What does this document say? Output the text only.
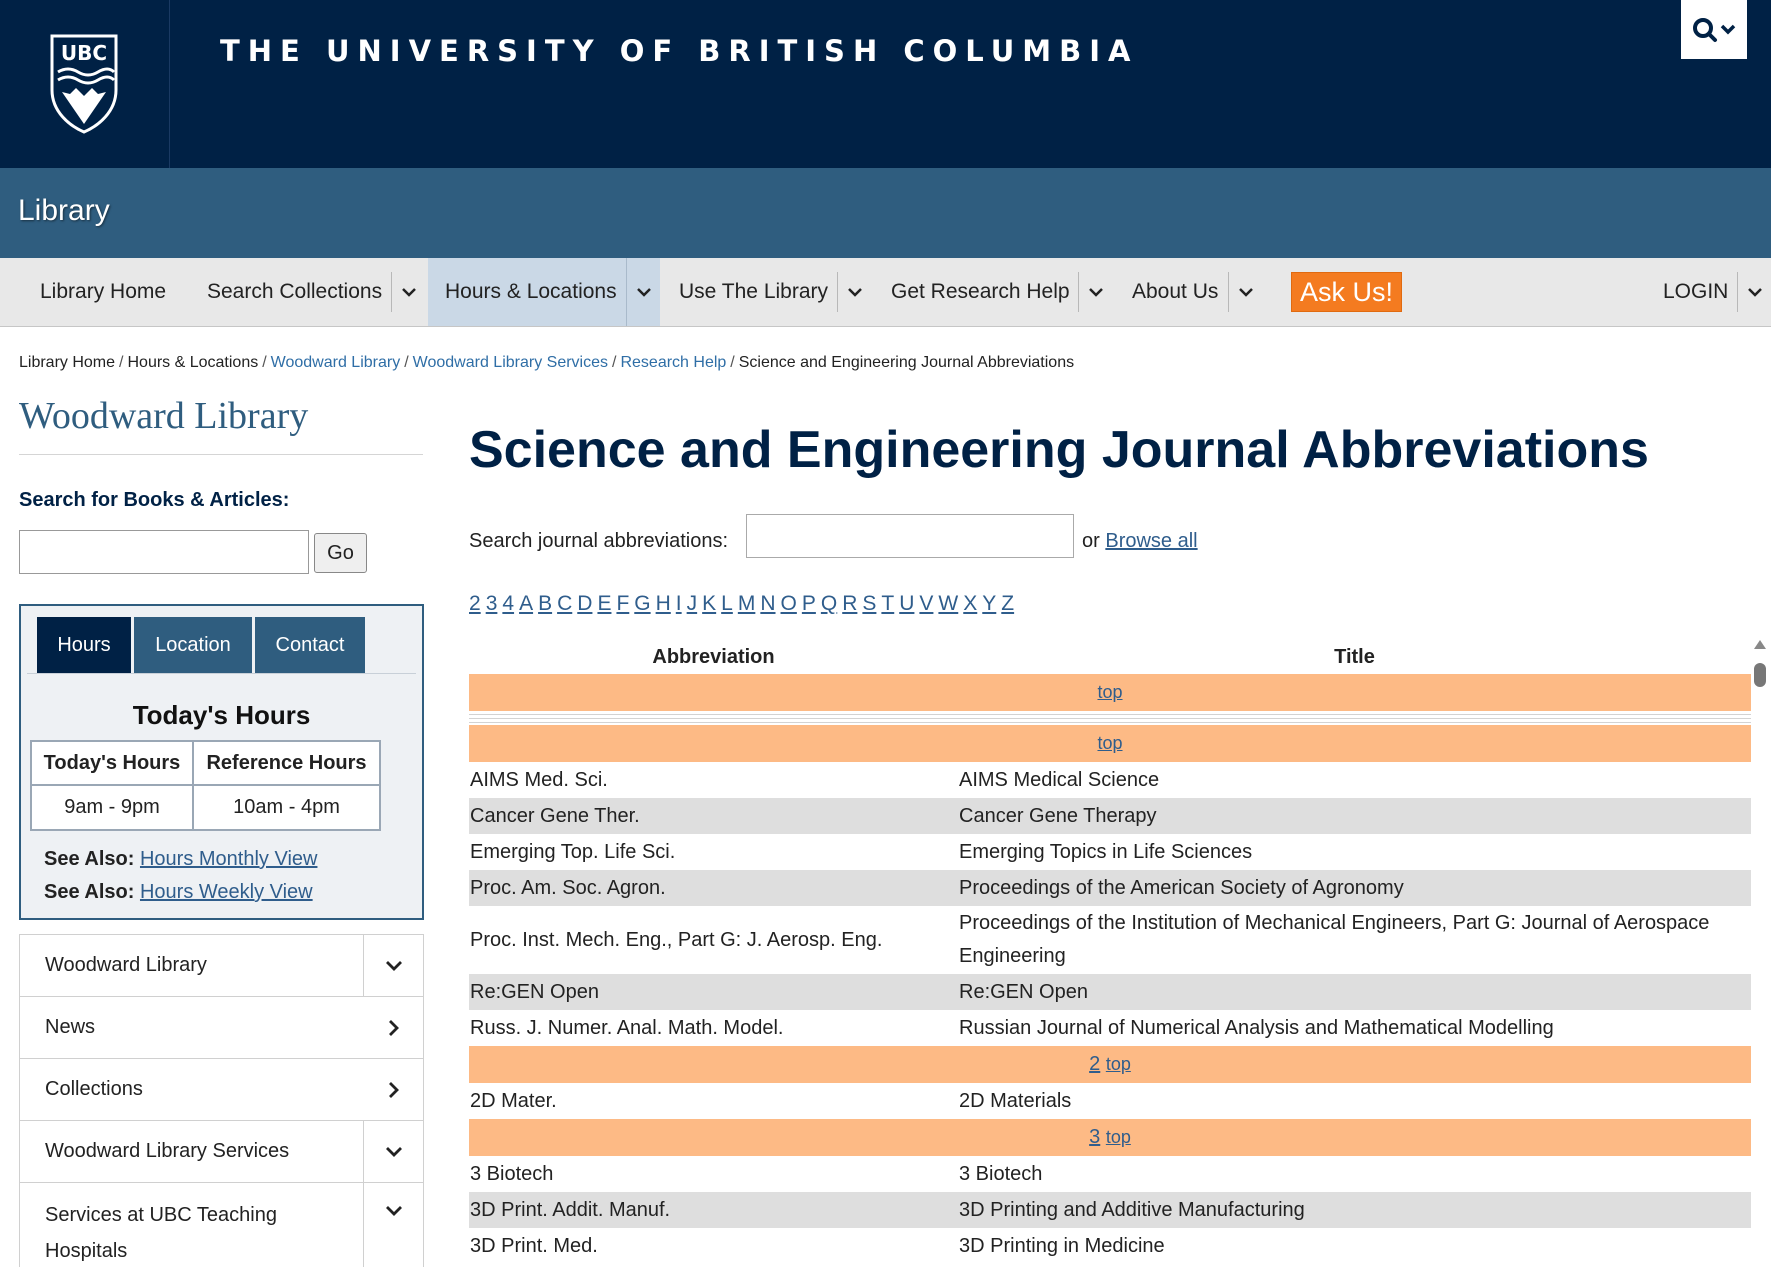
UBC	THE UNIVERSITY OF BRITISH COLUMBIA
Library
Library Home Search Collections	Hours & Locations	Use The Library	Get Research Help	About Us	Ask Us!	LOGIN
Library Home / Hours & Locations / Woodward Library / Woodward Library Services / Research Help / Science and Engineering Journal Abbreviations
Woodward Library
Search for Books & Articles:
Go
Hours	Location	Contact
Today's Hours
Today's Hours	Reference Hours
9am - 9pm	10am - 4pm
See Also: Hours Monthly View
See Also: Hours Weekly View
Woodward Library
News
Collections
Woodward Library Services
Services at UBC Teaching Hospitals
Science and Engineering Journal Abbreviations
Search journal abbreviations:	or Browse all
2 3 4 A B C D E F G H I J K L M N O P Q R S T U V W X Y Z
Abbreviation	Title
top	

top	
AIMS Med. Sci.	AIMS Medical Science
Cancer Gene Ther.	Cancer Gene Therapy
Emerging Top. Life Sci.	Emerging Topics in Life Sciences
Proc. Am. Soc. Agron.	Proceedings of the American Society of Agronomy
Proc. Inst. Mech. Eng., Part G: J. Aerosp. Eng.	Proceedings of the Institution of Mechanical Engineers, Part G: Journal of Aerospace Engineering
Re:GEN Open	Re:GEN Open
Russ. J. Numer. Anal. Math. Model.	Russian Journal of Numerical Analysis and Mathematical Modelling
2 top	
2D Mater.	2D Materials
3 top	
3 Biotech	3 Biotech
3D Print. Addit. Manuf.	3D Printing and Additive Manufacturing
3D Print. Med.	3D Printing in Medicine
